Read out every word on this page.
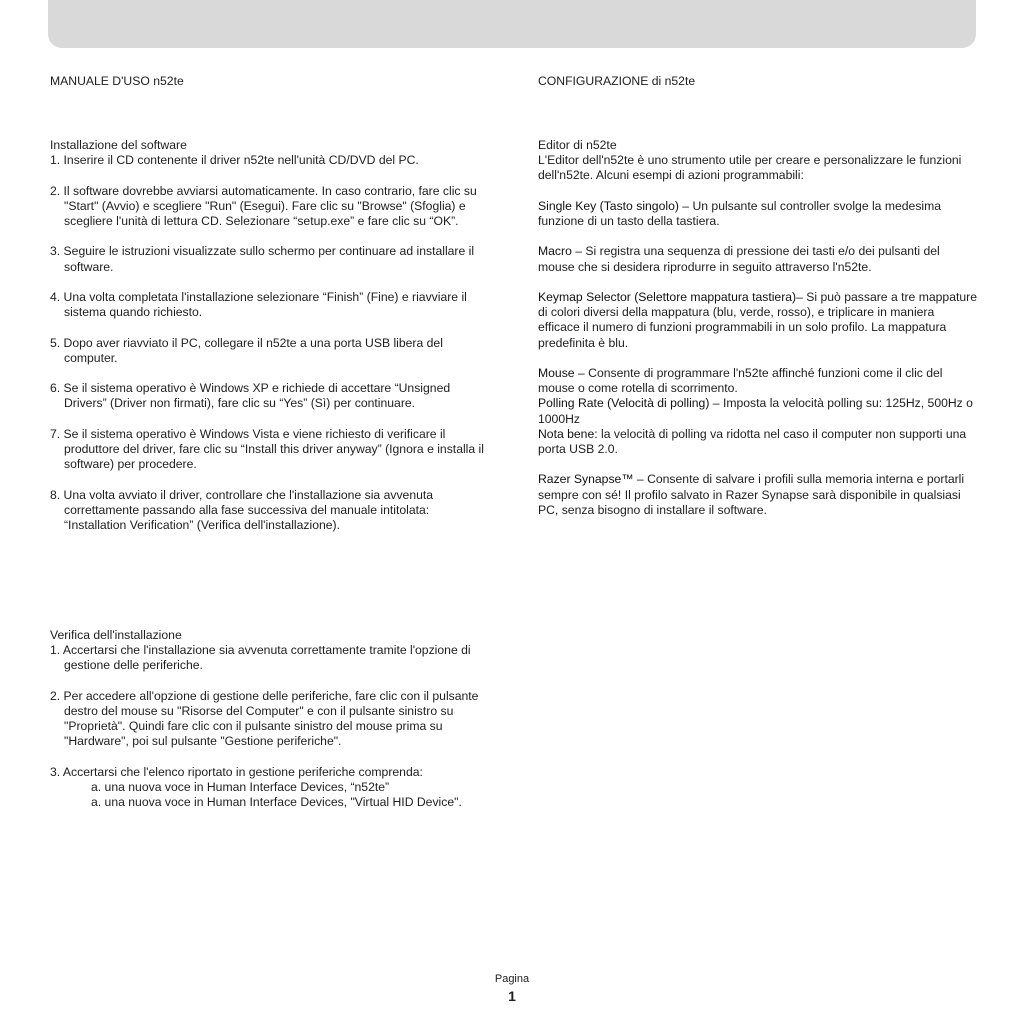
MANUALE D'USO n52te	CONFIGURAZIONE di n52te
Installazione del software
1. Inserire il CD contenente il driver n52te nell'unità CD/DVD del PC.
2. Il software dovrebbe avviarsi automaticamente. In caso contrario, fare clic su "Start" (Avvio) e scegliere "Run" (Esegui). Fare clic su "Browse" (Sfoglia) e scegliere l'unità di lettura CD. Selezionare “setup.exe” e fare clic su “OK”.
3. Seguire le istruzioni visualizzate sullo schermo per continuare ad installare il software.
4. Una volta completata l'installazione selezionare “Finish” (Fine) e riavviare il sistema quando richiesto.
5. Dopo aver riavviato il PC, collegare il n52te a una porta USB libera del computer.
6. Se il sistema operativo è Windows XP e richiede di accettare “Unsigned Drivers” (Driver non firmati), fare clic su “Yes” (Sì) per continuare.
7. Se il sistema operativo è Windows Vista e viene richiesto di verificare il produttore del driver, fare clic su “Install this driver anyway” (Ignora e installa il software) per procedere.
8. Una volta avviato il driver, controllare che l'installazione sia avvenuta correttamente passando alla fase successiva del manuale intitolata: “Installation Verification” (Verifica dell'installazione).
Verifica dell'installazione
1. Accertarsi che l'installazione sia avvenuta correttamente tramite l'opzione di gestione delle periferiche.
2. Per accedere all'opzione di gestione delle periferiche, fare clic con il pulsante destro del mouse su "Risorse del Computer" e con il pulsante sinistro su "Proprietà". Quindi fare clic con il pulsante sinistro del mouse prima su "Hardware", poi sul pulsante "Gestione periferiche".
3. Accertarsi che l'elenco riportato in gestione periferiche comprenda:
a. una nuova voce in Human Interface Devices, “n52te”
a. una nuova voce in Human Interface Devices, "Virtual HID Device".
Editor di n52te
L'Editor dell'n52te è uno strumento utile per creare e personalizzare le funzioni dell'n52te. Alcuni esempi di azioni programmabili:
Single Key (Tasto singolo) – Un pulsante sul controller svolge la medesima funzione di un tasto della tastiera.
Macro – Si registra una sequenza di pressione dei tasti e/o dei pulsanti del mouse che si desidera riprodurre in seguito attraverso l'n52te.
Keymap Selector (Selettore mappatura tastiera)– Si può passare a tre mappature di colori diversi della mappatura (blu, verde, rosso), e triplicare in maniera efficace il numero di funzioni programmabili in un solo profilo. La mappatura predefinita è blu.
Mouse – Consente di programmare l'n52te affinché funzioni come il clic del mouse o come rotella di scorrimento.
Polling Rate (Velocità di polling) – Imposta la velocità polling su: 125Hz, 500Hz o 1000Hz
Nota bene: la velocità di polling va ridotta nel caso il computer non supporti una porta USB 2.0.
Razer Synapse™ – Consente di salvare i profili sulla memoria interna e portarli sempre con sé! Il profilo salvato in Razer Synapse sarà disponibile in qualsiasi PC, senza bisogno di installare il software.
Pagina
1
